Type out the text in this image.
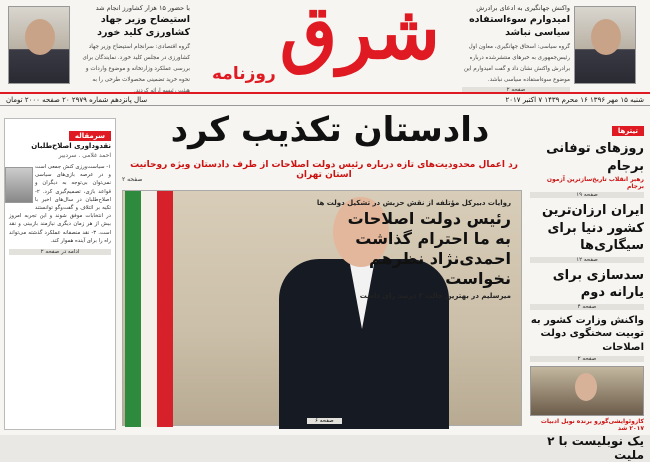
با حضور ۱۵ هزار کشاورز انجام شد
استیضاح وزیر جهاد کشاورزی کلید خورد
گروه اقتصادی: سرانجام استیضاح وزیر جهاد کشاورزی در مجلس کلید خورد. نمایندگان برای بررسی عملکرد وزارتخانه و موضوع واردات و نحوه خرید تضمینی محصولات طرحی را به هیئت رئیسه ارائه کردند.
شرق
روزنامه
واکنش جهانگیری به ادعای برادرش
امیدوارم سوءاستفاده سیاسی نباشد
گروه سیاسی: اسحاق جهانگیری، معاون اول رئیس‌جمهوری به خبرهای منتشرشده درباره برادرش واکنش نشان داد و گفت امیدوارم این موضوع سوءاستفاده سیاسی نباشد.
صفحه ۲
شنبه ۱۵ مهر ۱۳۹۶ ۱۶ محرم ۱۴۳۹ ۷ اکتبر ۲۰۱۷
سال پانزدهم شماره ۲۹۷۹ ۲۰ صفحه ۲۰۰۰ تومان
تیترها
روزهای توفانی برجام
رهبر انقلاب تاریخ‌سازترین آزمون برجام
صفحه ۱۹
ایران ارزان‌ترین کشور دنیا برای سیگاری‌ها
صفحه ۱۲
سدسازی برای یارانه دوم
صفحه ۴
واکنش وزارت کشور به توبیت سخنگوی دولت اصلاحات
صفحه ۲
کازوئوایشی‌گورو برنده نوبل ادبیات ۲۰۱۷ شد
یک نوبلیست با ۲ ملیت
سرمقاله
نقدوداوری اصلاح‌طلبان
احمد غلامی . سردبیر
۱- سیاست‌ورزی کنش جمعی است و در عرصه بازی‌های سیاسی نمی‌توان بی‌توجه به دیگران و قواعد بازی، تصمیم‌گیری کرد. ۲- اصلاح‌طلبان در سال‌های اخیر با تکیه بر ائتلاف و گفت‌وگو توانستند در انتخابات موفق شوند و این تجربه امروز بیش از هر زمان دیگری نیازمند بازبینی و نقد است. ۳- نقد منصفانه عملکرد گذشته می‌تواند راه را برای آینده هموار کند.
ادامه در صفحه ۲
دادستان تکذیب کرد
رد اعمال محدودیت‌های تازه درباره رئیس دولت اصلاحات از طرف دادستان ویژه روحانیت استان تهران
صفحه ۲
روایات دبیرکل مؤتلفه از نقش حزبش در تشکیل دولت ها
رئیس دولت اصلاحات
به ما احترام گذاشت
احمدی‌نژاد نظرهم نخواست
میرسلیم در بهترین حالت ۳ درصد رای داشت
صفحه ۶
